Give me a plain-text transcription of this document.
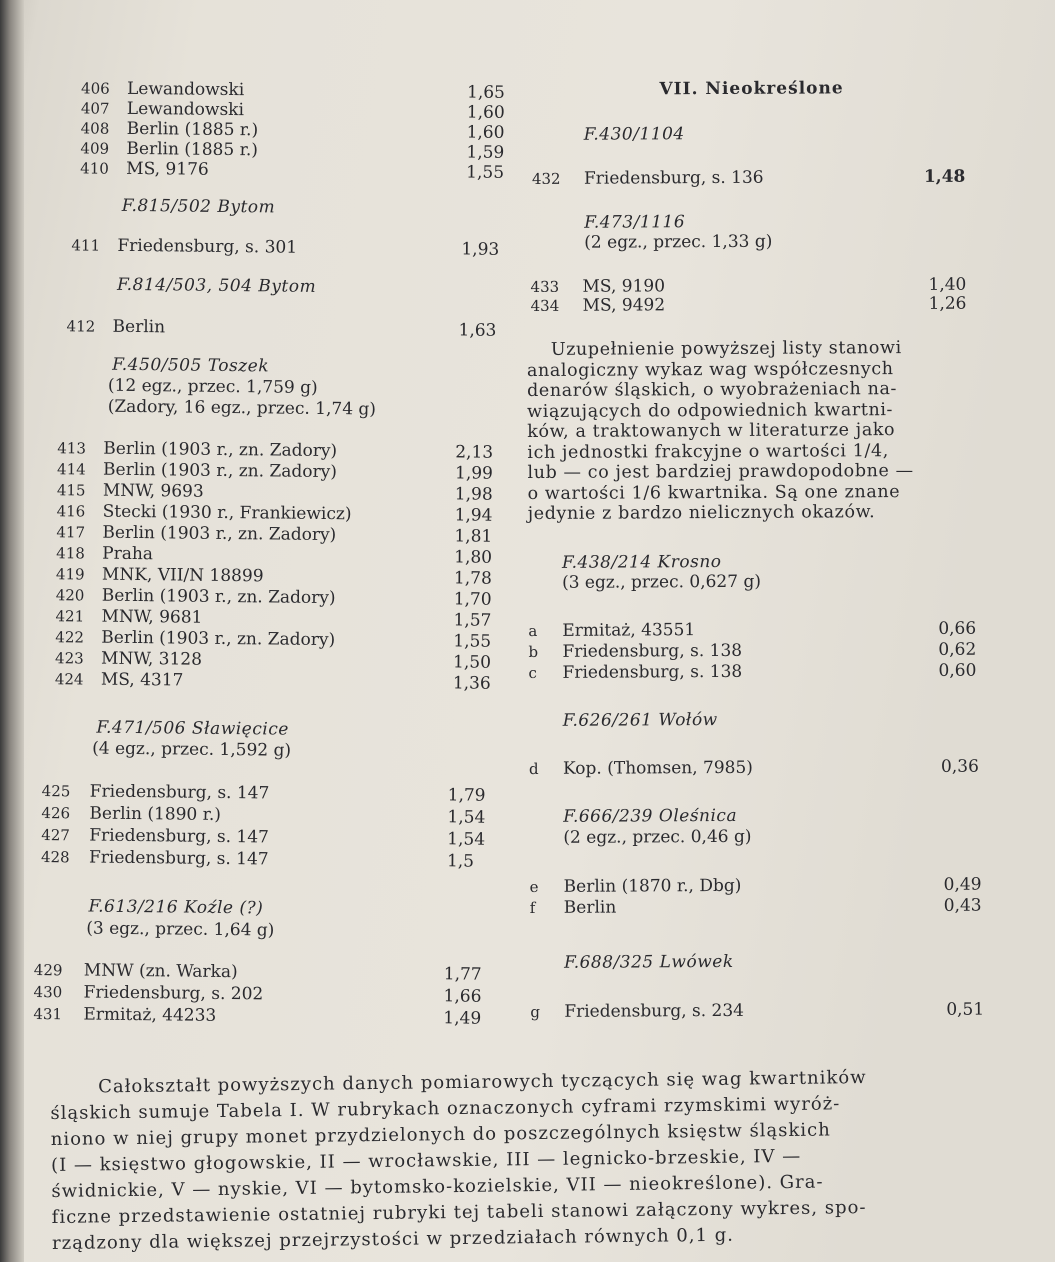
406 Lewandowski	1,65
407 Lewandowski	1,60
408 Berlin (1885 r.)	1,60
409 Berlin (1885 r.)	1,59
410 MS, 9176	1,55
F.815/502 Bytom
411 Friedensburg, s. 301	1,93
F.814/503, 504 Bytom
412 Berlin	1,63
F.450/505 Toszek
(12 egz., przec. 1,759 g)
(Zadory, 16 egz., przec. 1,74 g)
413 Berlin (1903 r., zn. Zadory)	2,13
414 Berlin (1903 r., zn. Zadory)	1,99
415 MNW, 9693	1,98
416 Stecki (1930 r., Frankiewicz)	1,94
417 Berlin (1903 r., zn. Zadory)	1,81
418 Praha	1,80
419 MNK, VII/N 18899	1,78
420 Berlin (1903 r., zn. Zadory)	1,70
421 MNW, 9681	1,57
422 Berlin (1903 r., zn. Zadory)	1,55
423 MNW, 3128	1,50
424 MS, 4317	1,36
F.471/506 Sławięcice
(4 egz., przec. 1,592 g)
425 Friedensburg, s. 147	1,79
426 Berlin (1890 r.)	1,54
427 Friedensburg, s. 147	1,54
428 Friedensburg, s. 147	1,5
F.613/216 Koźle (?)
(3 egz., przec. 1,64 g)
429 MNW (zn. Warka)	1,77
430 Friedensburg, s. 202	1,66
431 Ermitaż, 44233	1,49
VII. Nieokreślone
F.430/1104
432 Friedensburg, s. 136	1,48
F.473/1116
(2 egz., przec. 1,33 g)
433 MS, 9190	1,40
434 MS, 9492	1,26

Uzupełnienie powyższej listy stanowi

analogiczny wykaz wag współczesnych

denarów śląskich, o wyobrażeniach na-

wiązujących do odpowiednich kwartni-

ków, a traktowanych w literaturze jako

ich jednostki frakcyjne o wartości 1/4,

lub — co jest bardziej prawdopodobne —

o wartości 1/6 kwartnika. Są one znane

jedynie z bardzo nielicznych okazów.

F.438/214 Krosno
(3 egz., przec. 0,627 g)
a Ermitaż, 43551	0,66
b Friedensburg, s. 138	0,62
c Friedensburg, s. 138	0,60
F.626/261 Wołów
d Kop. (Thomsen, 7985)	0,36
F.666/239 Oleśnica
(2 egz., przec. 0,46 g)
e Berlin (1870 r., Dbg)	0,49
f Berlin	0,43
F.688/325 Lwówek
g Friedensburg, s. 234	0,51
Całokształt powyższych danych pomiarowych tyczących się wag kwartników
śląskich sumuje Tabela I. W rubrykach oznaczonych cyframi rzymskimi wyróż-
niono w niej grupy monet przydzielonych do poszczególnych księstw śląskich
(I — księstwo głogowskie, II — wrocławskie, III — legnicko-brzeskie, IV —
świdnickie, V — nyskie, VI — bytomsko-kozielskie, VII — nieokreślone). Gra-
ficzne przedstawienie ostatniej rubryki tej tabeli stanowi załączony wykres, spo-
rządzony dla większej przejrzystości w przedziałach równych 0,1 g.
